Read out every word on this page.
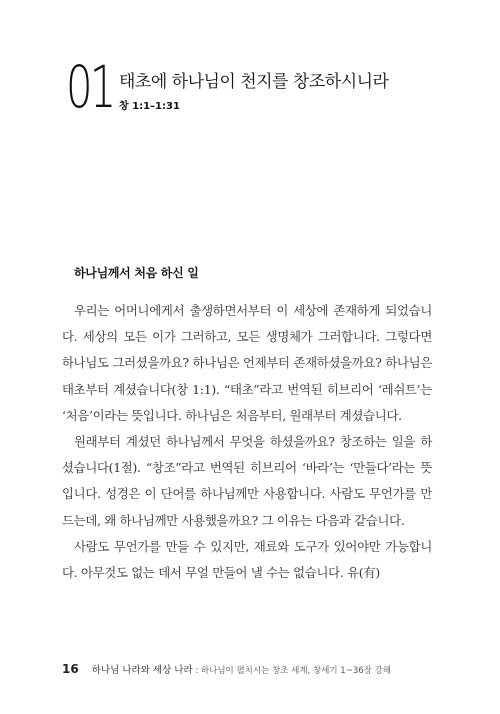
01 태초에 하나님이 천지를 창조하시니라
창 1:1–1:31
하나님께서 처음 하신 일

우리는 어머니에게서 출생하면서부터 이 세상에 존재하게 되었습니다. 세상의 모든 이가 그러하고, 모든 생명체가 그러합니다. 그렇다면 하나님도 그러셨을까요? 하나님은 언제부터 존재하셨을까요? 하나님은 태초부터 계셨습니다(창 1:1). “태초”라고 번역된 히브리어 ‘레쉬트’는 ‘처음’이라는 뜻입니다. 하나님은 처음부터, 원래부터 계셨습니다.

원래부터 계셨던 하나님께서 무엇을 하셨을까요? 창조하는 일을 하셨습니다(1절). “창조”라고 번역된 히브리어 ‘바라’는 ‘만들다’라는 뜻입니다. 성경은 이 단어를 하나님께만 사용합니다. 사람도 무언가를 만드는데, 왜 하나님께만 사용했을까요? 그 이유는 다음과 같습니다.

사람도 무언가를 만들 수 있지만, 재료와 도구가 있어야만 가능합니다. 아무것도 없는 데서 무얼 만들어 낼 수는 없습니다. 유(有)

16 하나님 나라와 세상 나라 : 하나님이 펼치시는 창조 세계, 창세기 1~36장 강해
